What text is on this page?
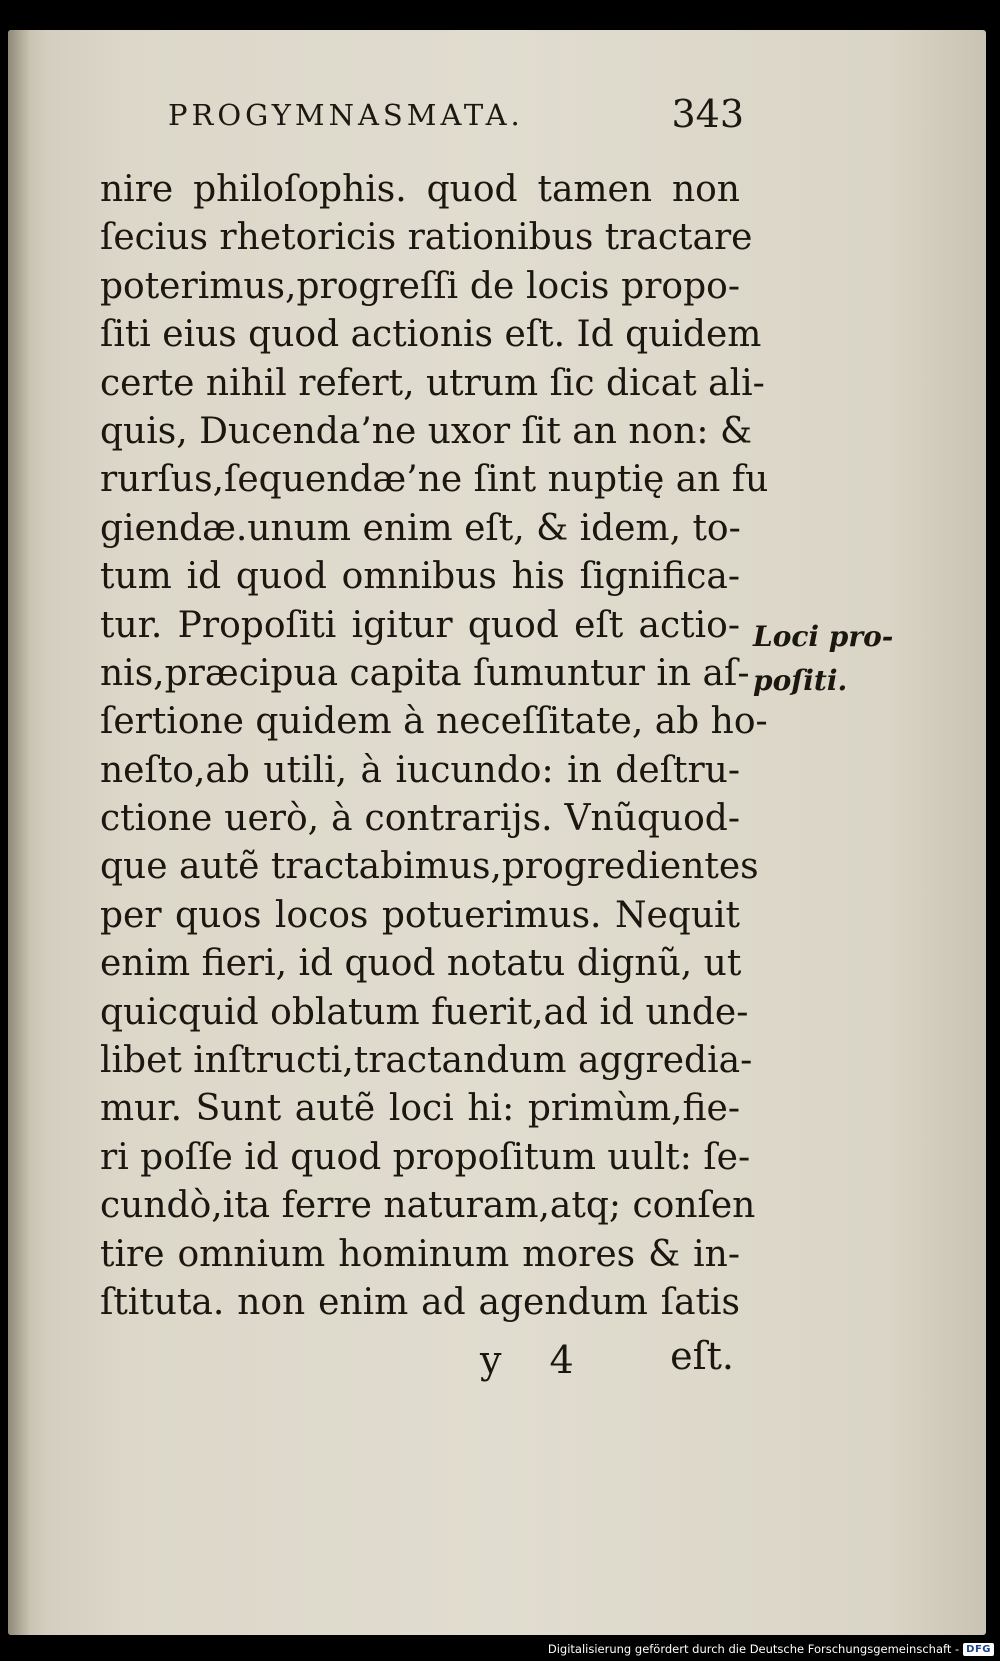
PROGYMNASMATA.	343
nire philoſophis. quod tamen non
ſecius rhetoricis rationibus tractare
poterimus,progreſſi de locis propo-
ſiti eius quod actionis eſt. Id quidem
certe nihil refert, utrum ſic dicat ali-
quis, Ducenda’ne uxor ſit an non: &
rurſus,ſequendæ’ne ſint nuptię an fu
giendæ.unum enim eſt, & idem, to-
tum id quod omnibus his ſignifica-
tur. Propoſiti igitur quod eſt actio-
nis,præcipua capita ſumuntur in aſ-
ſertione quidem à neceſſitate, ab ho-
neſto,ab utili, à iucundo: in deſtru-
ctione uerò, à contrarijs. Vnũquod-
que autẽ tractabimus,progredientes
per quos locos potuerimus. Nequit
enim fieri, id quod notatu dignũ, ut
quicquid oblatum fuerit,ad id unde-
libet inſtructi,tractandum aggredia-
mur. Sunt autẽ loci hi: primùm,fie-
ri poſſe id quod propoſitum uult: ſe-
cundò,ita ferre naturam,atq; conſen
tire omnium hominum mores & in-
ſtituta. non enim ad agendum ſatis
Loci pro-
poſiti.
y 4 eſt.
Digitalisierung gefördert durch die Deutsche Forschungsgemeinschaft - DFG
